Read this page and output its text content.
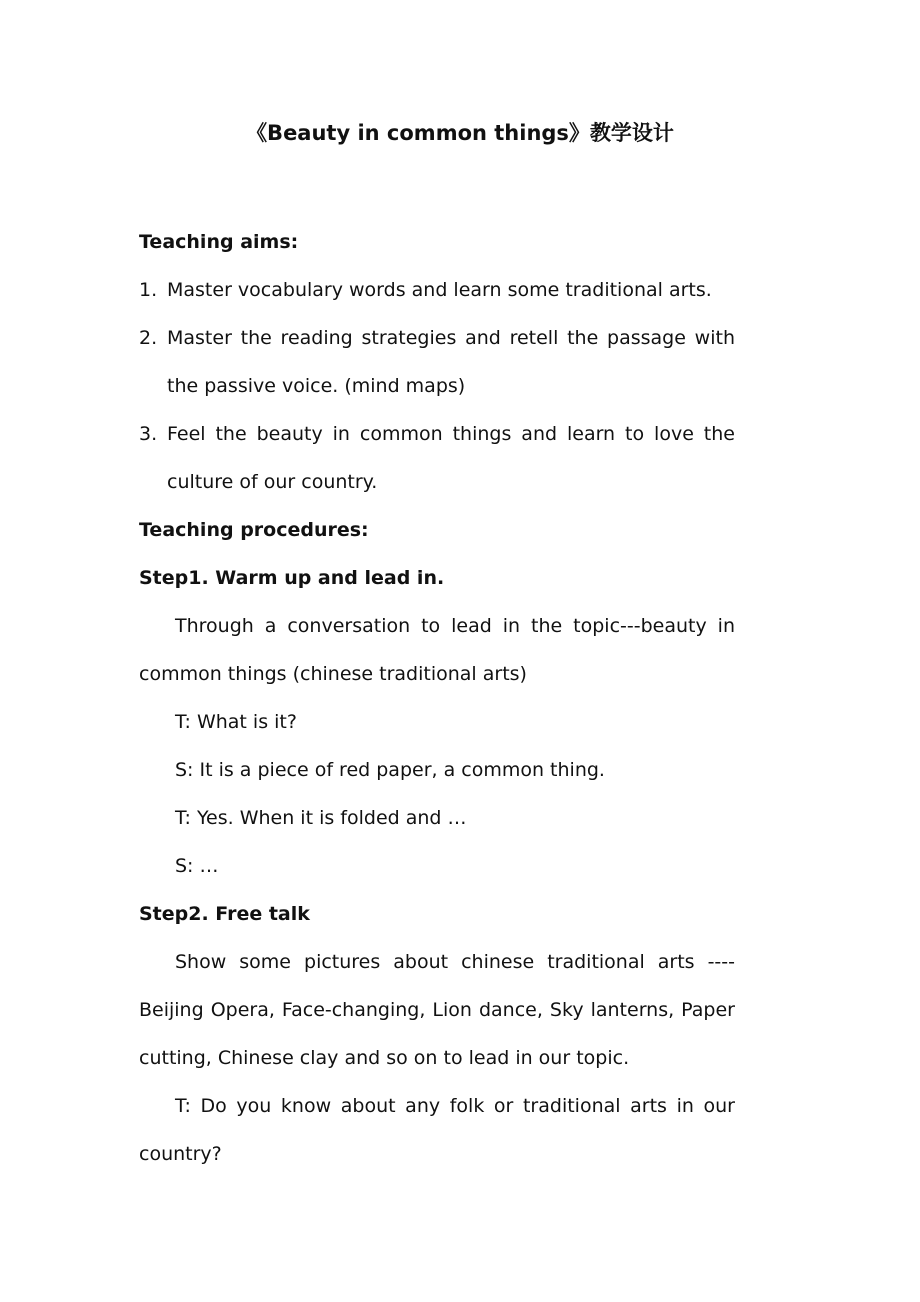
《Beauty in common things》教学设计
Teaching aims:
1. Master vocabulary words and learn some traditional arts.
2. Master the reading strategies and retell the passage with the passive voice. (mind maps)
3. Feel the beauty in common things and learn to love the culture of our country.
Teaching procedures:
Step1. Warm up and lead in.
Through a conversation to lead in the topic---beauty in common things (chinese traditional arts)
T: What is it?
S: It is a piece of red paper, a common thing.
T: Yes. When it is folded and …
S: …
Step2. Free talk
Show some pictures about chinese traditional arts ----Beijing Opera, Face-changing, Lion dance, Sky lanterns, Paper cutting, Chinese clay and so on to lead in our topic.
T: Do you know about any folk or traditional arts in our country?
